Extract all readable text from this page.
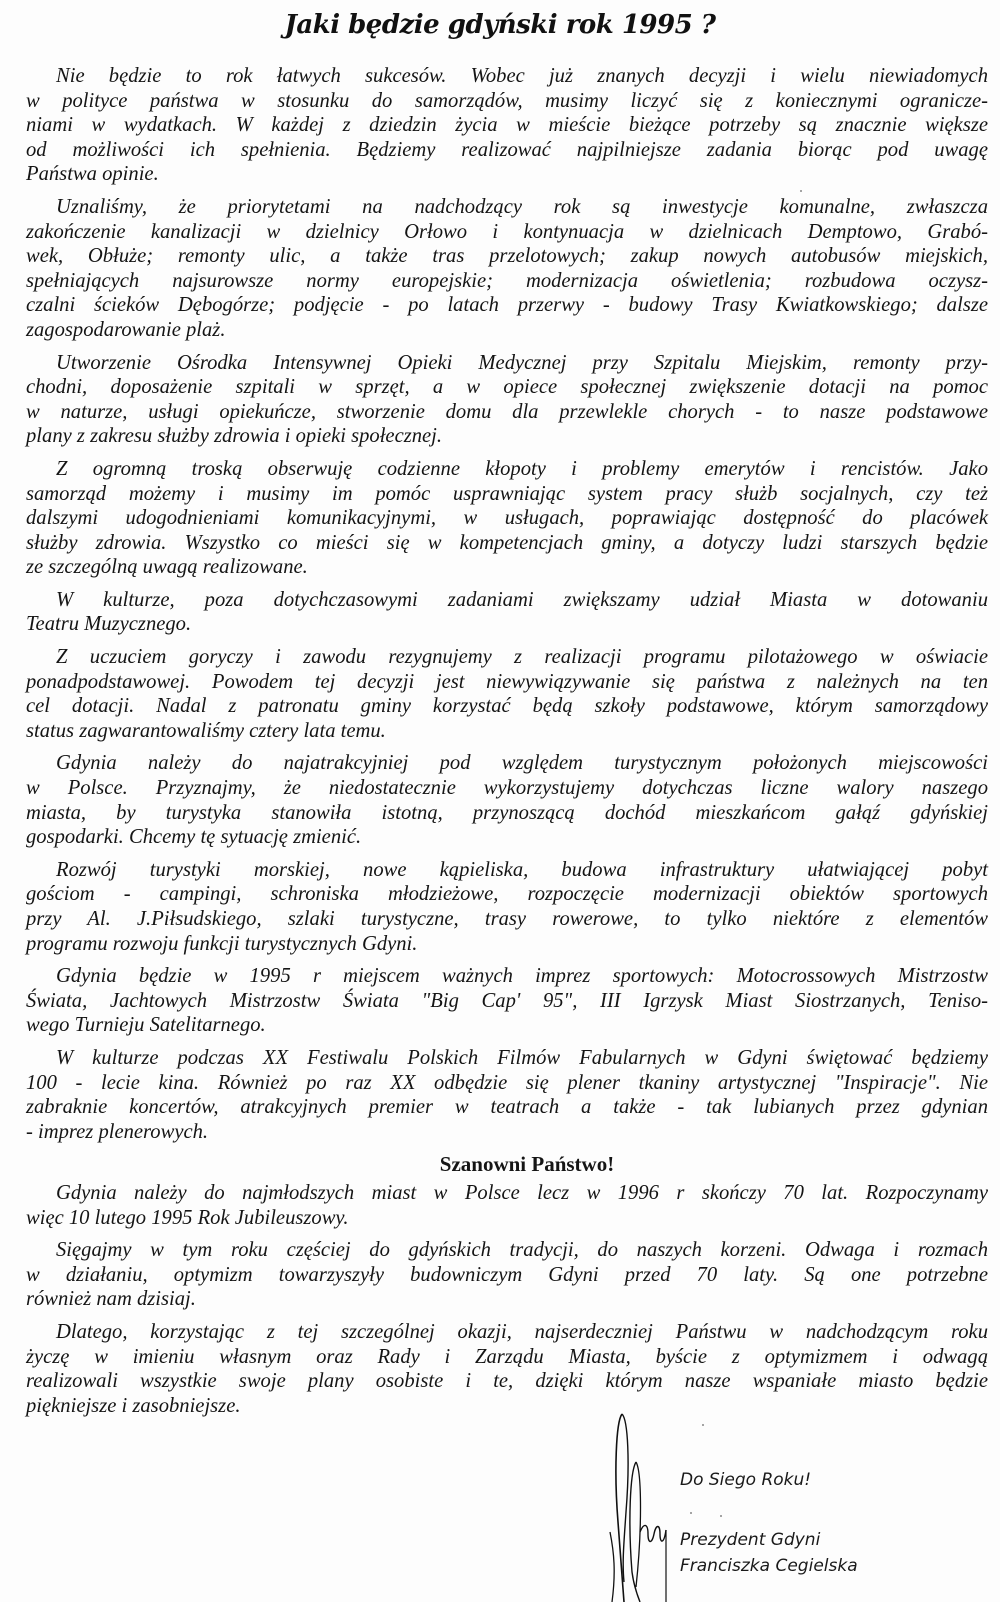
Jaki będzie gdyński rok 1995 ?
Nie będzie to rok łatwych sukcesów. Wobec już znanych decyzji i wielu niewiadomych
w polityce państwa w stosunku do samorządów, musimy liczyć się z koniecznymi ogranicze-
niami w wydatkach. W każdej z dziedzin życia w mieście bieżące potrzeby są znacznie większe
od możliwości ich spełnienia. Będziemy realizować najpilniejsze zadania biorąc pod uwagę
Państwa opinie.
Uznaliśmy, że priorytetami na nadchodzący rok są inwestycje komunalne, zwłaszcza
zakończenie kanalizacji w dzielnicy Orłowo i kontynuacja w dzielnicach Demptowo, Grabó-
wek, Obłuże; remonty ulic, a także tras przelotowych; zakup nowych autobusów miejskich,
spełniających najsurowsze normy europejskie; modernizacja oświetlenia; rozbudowa oczysz-
czalni ścieków Dębogórze; podjęcie - po latach przerwy - budowy Trasy Kwiatkowskiego; dalsze
zagospodarowanie plaż.
Utworzenie Ośrodka Intensywnej Opieki Medycznej przy Szpitalu Miejskim, remonty przy-
chodni, doposażenie szpitali w sprzęt, a w opiece społecznej zwiększenie dotacji na pomoc
w naturze, usługi opiekuńcze, stworzenie domu dla przewlekle chorych - to nasze podstawowe
plany z zakresu służby zdrowia i opieki społecznej.
Z ogromną troską obserwuję codzienne kłopoty i problemy emerytów i rencistów. Jako
samorząd możemy i musimy im pomóc usprawniając system pracy służb socjalnych, czy też
dalszymi udogodnieniami komunikacyjnymi, w usługach, poprawiając dostępność do placówek
służby zdrowia. Wszystko co mieści się w kompetencjach gminy, a dotyczy ludzi starszych będzie
ze szczególną uwagą realizowane.
W kulturze, poza dotychczasowymi zadaniami zwiększamy udział Miasta w dotowaniu
Teatru Muzycznego.
Z uczuciem goryczy i zawodu rezygnujemy z realizacji programu pilotażowego w oświacie
ponadpodstawowej. Powodem tej decyzji jest niewywiązywanie się państwa z należnych na ten
cel dotacji. Nadal z patronatu gminy korzystać będą szkoły podstawowe, którym samorządowy
status zagwarantowaliśmy cztery lata temu.
Gdynia należy do najatrakcyjniej pod względem turystycznym położonych miejscowości
w Polsce. Przyznajmy, że niedostatecznie wykorzystujemy dotychczas liczne walory naszego
miasta, by turystyka stanowiła istotną, przynoszącą dochód mieszkańcom gałąź gdyńskiej
gospodarki. Chcemy tę sytuację zmienić.
Rozwój turystyki morskiej, nowe kąpieliska, budowa infrastruktury ułatwiającej pobyt
gościom - campingi, schroniska młodzieżowe, rozpoczęcie modernizacji obiektów sportowych
przy Al. J.Piłsudskiego, szlaki turystyczne, trasy rowerowe, to tylko niektóre z elementów
programu rozwoju funkcji turystycznych Gdyni.
Gdynia będzie w 1995 r miejscem ważnych imprez sportowych: Motocrossowych Mistrzostw
Świata, Jachtowych Mistrzostw Świata "Big Cap' 95", III Igrzysk Miast Siostrzanych, Teniso-
wego Turnieju Satelitarnego.
W kulturze podczas XX Festiwalu Polskich Filmów Fabularnych w Gdyni świętować będziemy
100 - lecie kina. Również po raz XX odbędzie się plener tkaniny artystycznej "Inspiracje". Nie
zabraknie koncertów, atrakcyjnych premier w teatrach a także - tak lubianych przez gdynian
- imprez plenerowych.
Szanowni Państwo!
Gdynia należy do najmłodszych miast w Polsce lecz w 1996 r skończy 70 lat. Rozpoczynamy
więc 10 lutego 1995 Rok Jubileuszowy.
Sięgajmy w tym roku częściej do gdyńskich tradycji, do naszych korzeni. Odwaga i rozmach
w działaniu, optymizm towarzyszyły budowniczym Gdyni przed 70 laty. Są one potrzebne
również nam dzisiaj.
Dlatego, korzystając z tej szczególnej okazji, najserdeczniej Państwu w nadchodzącym roku
życzę w imieniu własnym oraz Rady i Zarządu Miasta, byście z optymizmem i odwagą
realizowali wszystkie swoje plany osobiste i te, dzięki którym nasze wspaniałe miasto będzie
piękniejsze i zasobniejsze.
Do Siego Roku!
Prezydent Gdyni
Franciszka Cegielska
